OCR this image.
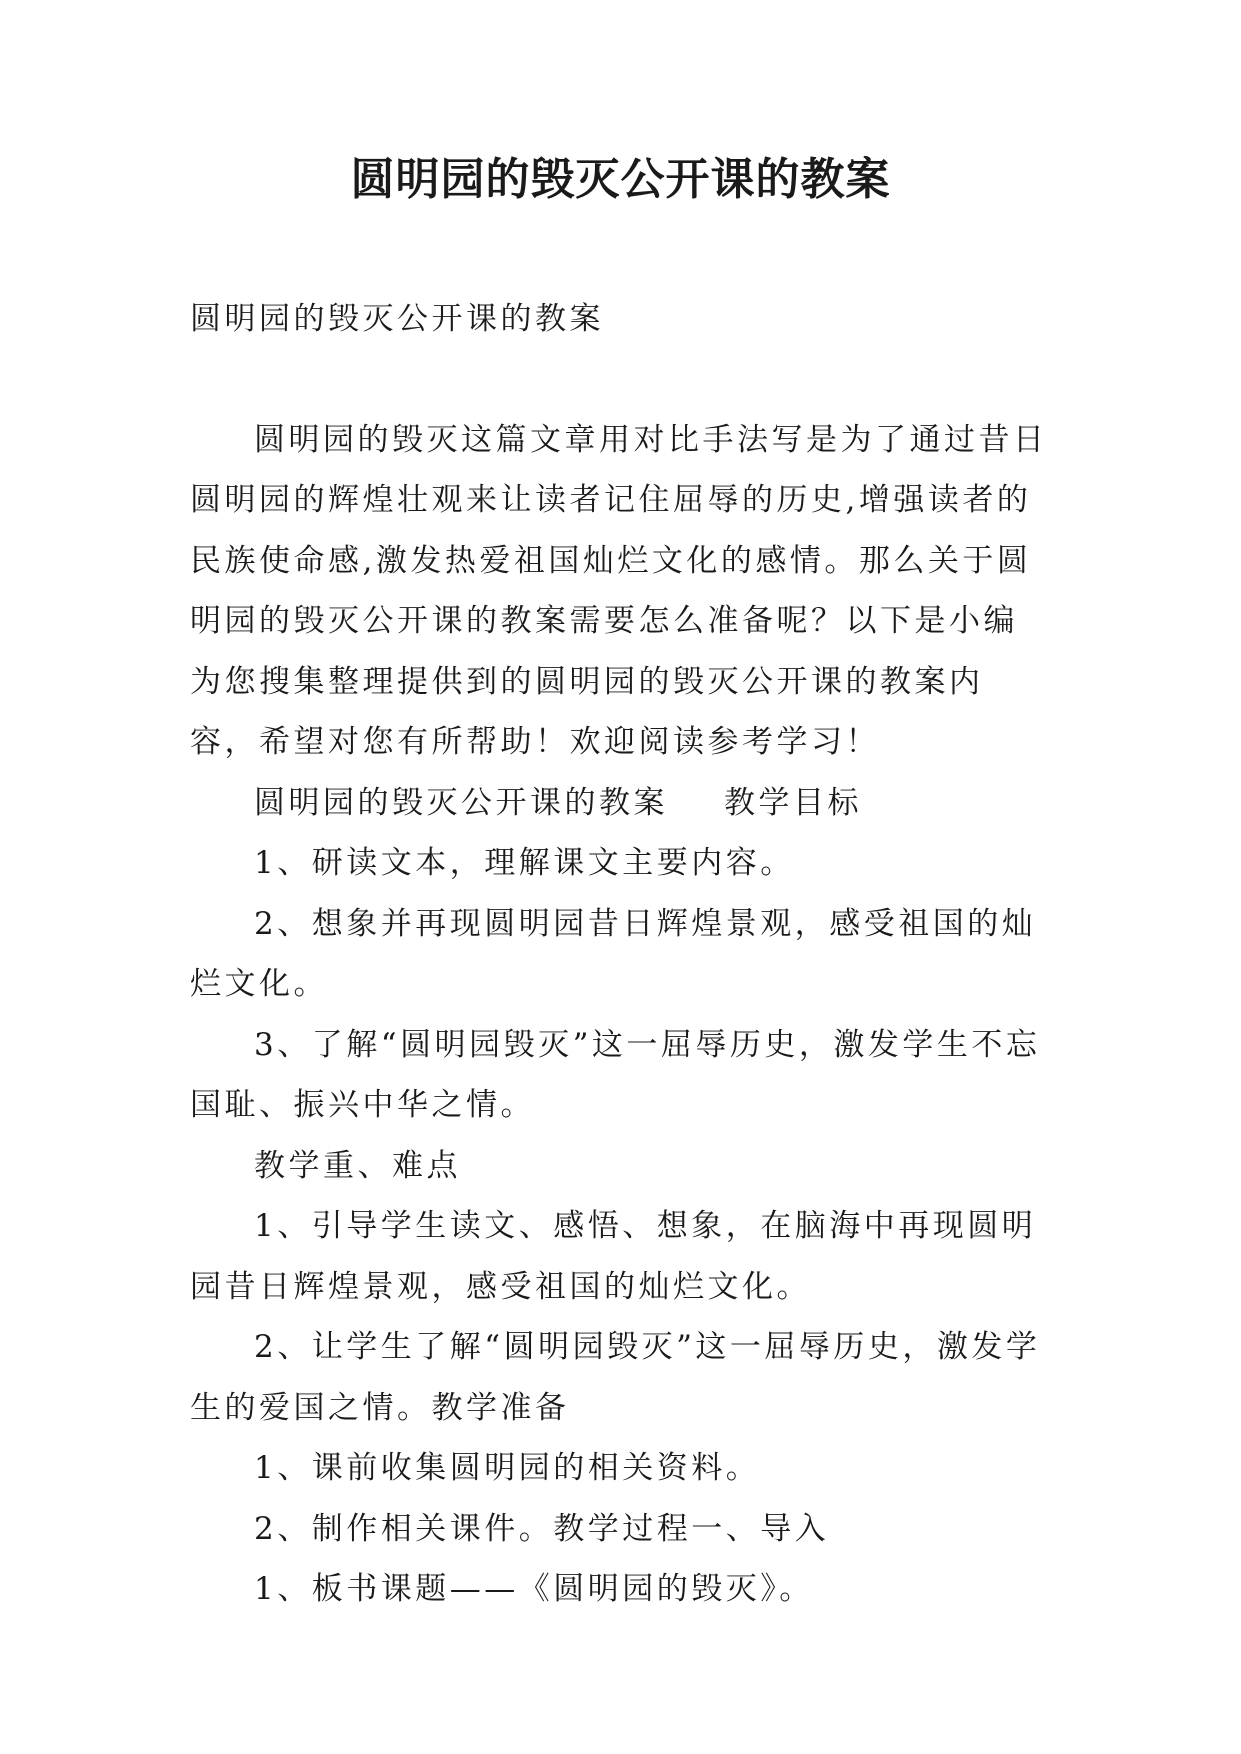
圆明园的毁灭公开课的教案

圆明园的毁灭公开课的教案

圆明园的毁灭这篇文章用对比手法写是为了通过昔日圆明园的辉煌壮观来让读者记住屈辱的历史,增强读者的民族使命感,激发热爱祖国灿烂文化的感情。那么关于圆明园的毁灭公开课的教案需要怎么准备呢？以下是小编为您搜集整理提供到的圆明园的毁灭公开课的教案内容，希望对您有所帮助！欢迎阅读参考学习！

圆明园的毁灭公开课的教案 教学目标

1、研读文本，理解课文主要内容。

2、想象并再现圆明园昔日辉煌景观，感受祖国的灿烂文化。

3、了解“圆明园毁灭”这一屈辱历史，激发学生不忘国耻、振兴中华之情。

教学重、难点

1、引导学生读文、感悟、想象，在脑海中再现圆明园昔日辉煌景观，感受祖国的灿烂文化。

2、让学生了解“圆明园毁灭”这一屈辱历史，激发学生的爱国之情。教学准备

1、课前收集圆明园的相关资料。

2、制作相关课件。教学过程一、导入

1、板书课题——《圆明园的毁灭》。
